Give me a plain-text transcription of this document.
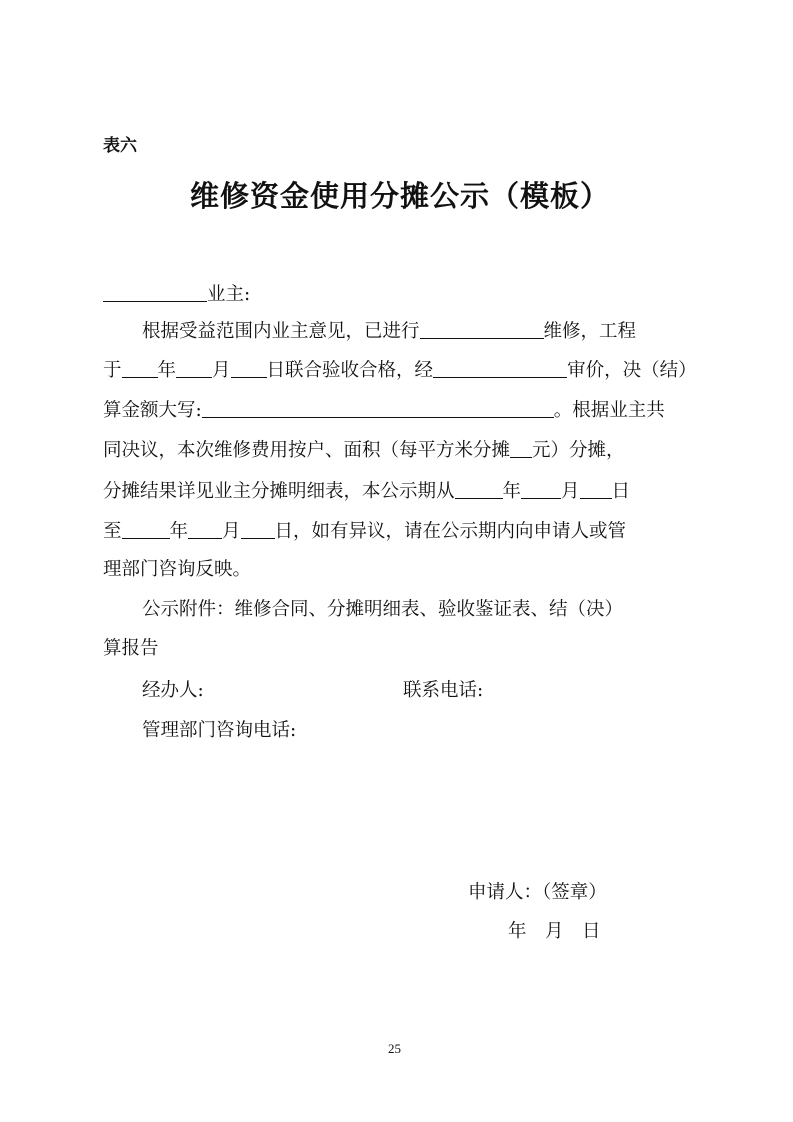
表六
维修资金使用分摊公示（模板）
业主:
根据受益范围内业主意见，已进行	维修，工程
于 年 月 日联合验收合格，经	审价，决（结）
算金额大写:	。根据业主共
同决议，本次维修费用按户、面积（每平方米分摊 元）分摊，
分摊结果详见业主分摊明细表，本公示期从	年 月 日
至	年 月 日，如有异议，请在公示期内向申请人或管
理部门咨询反映。
公示附件：维修合同、分摊明细表、验收鉴证表、结（决）
算报告
经办人:	联系电话:
管理部门咨询电话:
申请人：（签章）
年　月　日
25
